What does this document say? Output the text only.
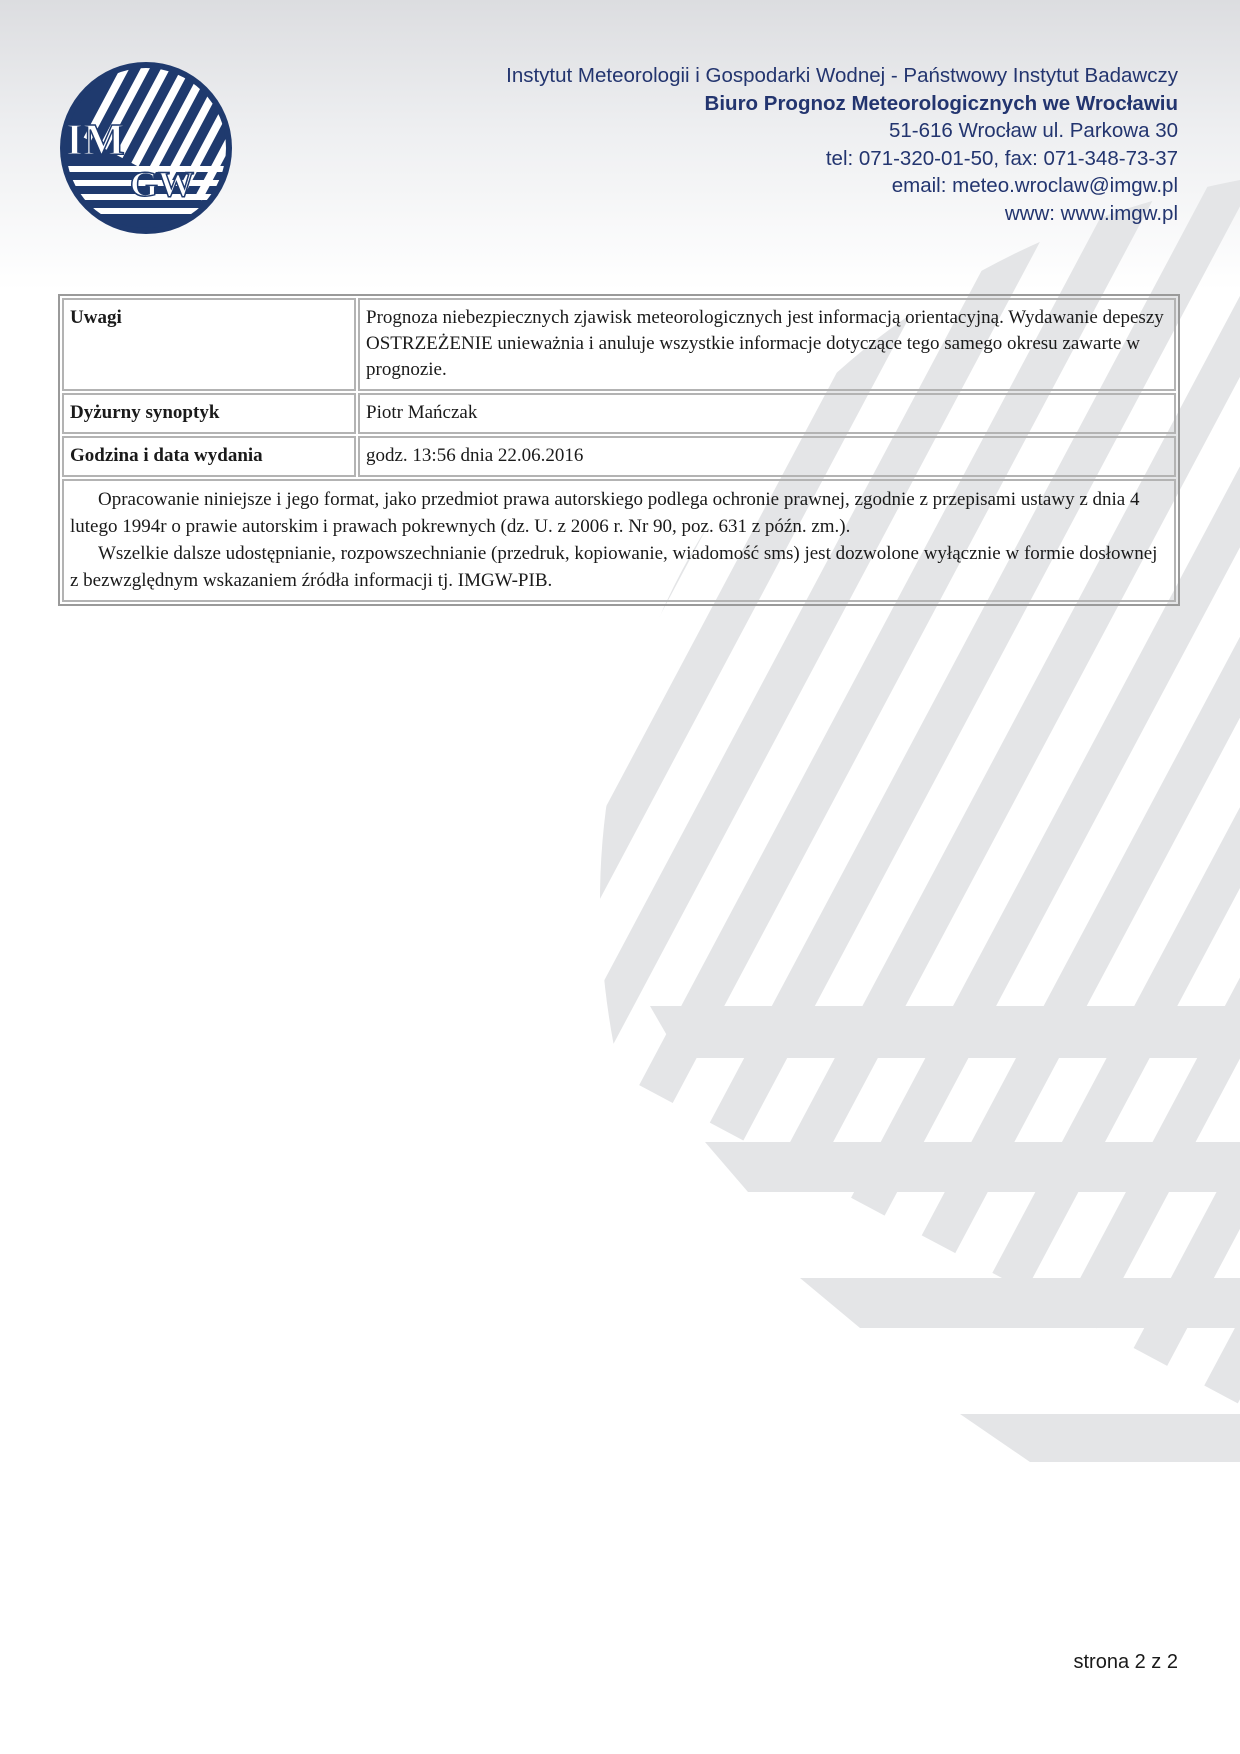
IM
GW
Instytut Meteorologii i Gospodarki Wodnej - Państwowy Instytut Badawczy
Biuro Prognoz Meteorologicznych we Wrocławiu
51-616 Wrocław ul. Parkowa 30
tel: 071-320-01-50, fax: 071-348-73-37
email: meteo.wroclaw@imgw.pl
www: www.imgw.pl
Uwagi	Prognoza niebezpiecznych zjawisk meteorologicznych jest informacją orientacyjną. Wydawanie depeszy OSTRZEŻENIE unieważnia i anuluje wszystkie informacje dotyczące tego samego okresu zawarte w prognozie.
Dyżurny synoptyk	Piotr Mańczak
Godzina i data wydania	godz. 13:56 dnia 22.06.2016

Opracowanie niniejsze i jego format, jako przedmiot prawa autorskiego podlega ochronie prawnej, zgodnie z przepisami ustawy z dnia 4 lutego 1994r o prawie autorskim i prawach pokrewnych (dz. U. z 2006 r. Nr 90, poz. 631 z późn. zm.).

Wszelkie dalsze udostępnianie, rozpowszechnianie (przedruk, kopiowanie, wiadomość sms) jest dozwolone wyłącznie w formie dosłownej z bezwzględnym wskazaniem źródła informacji tj. IMGW-PIB.	

strona 2 z 2
